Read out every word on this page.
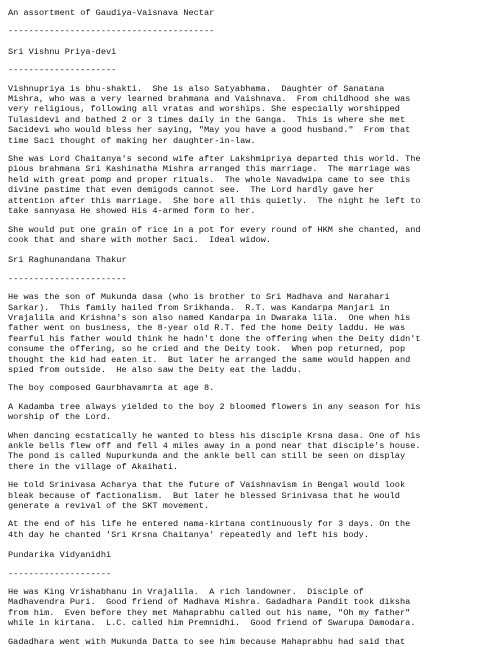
An assortment of Gaudiya-Vaisnava Nectar
----------------------------------------
Sri Vishnu Priya-devi
---------------------
Vishnupriya is bhu-shakti.  She is also Satyabhama.  Daughter of Sanatana
Mishra, who was a very learned brahmana and Vaishnava.  From childhood she was
very religious, following all vratas and worships. She especially worshipped
Tulasidevi and bathed 2 or 3 times daily in the Ganga.  This is where she met
Sacidevi who would bless her saying, "May you have a good husband."  From that
time Saci thought of making her daughter-in-law.
She was Lord Chaitanya's second wife after Lakshmipriya departed this world. The
pious brahmana Sri Kashinatha Mishra arranged this marriage.  The marriage was
held with great pomp and proper rituals.  The whole Navadwipa came to see this
divine pastime that even demigods cannot see.  The Lord hardly gave her
attention after this marriage.  She bore all this quietly.  The night he left to
take sannyasa He showed His 4-armed form to her.
She would put one grain of rice in a pot for every round of HKM she chanted, and
cook that and share with mother Saci.  Ideal widow.
Sri Raghunandana Thakur
-----------------------
He was the son of Mukunda dasa (who is brother to Sri Madhava and Narahari
Sarkar).  This family hailed from Srikhanda.  R.T. was Kandarpa Manjari in
Vrajalila and Krishna's son also named Kandarpa in Dwaraka lila.  One when his
father went on business, the 8-year old R.T. fed the home Deity laddu. He was
fearful his father would think he hadn't done the offering when the Deity didn't
consume the offering, so he cried and the Deity took.  When pop returned, pop
thought the kid had eaten it.  But later he arranged the same would happen and
spied from outside.  He also saw the Deity eat the laddu.
The boy composed Gaurbhavamrta at age 8.
A Kadamba tree always yielded to the boy 2 bloomed flowers in any season for his
worship of the Lord.
When dancing ecstatically he wanted to bless his disciple Krsna dasa. One of his
ankle bells flew off and fell 4 miles away in a pond near that disciple's house.
The pond is called Nupurkunda and the ankle bell can still be seen on display
there in the village of Akaihati.
He told Srinivasa Acharya that the future of Vaishnavism in Bengal would look
bleak because of factionalism.  But later he blessed Srinivasa that he would
generate a revival of the SKT movement.
At the end of his life he entered nama-kirtana continuously for 3 days. On the
4th day he chanted 'Sri Krsna Chaitanya' repeatedly and left his body.
Pundarika Vidyanidhi
--------------------
He was King Vrishabhanu in Vrajalila.  A rich landowner.  Disciple of
Madhavendra Puri.  Good friend of Madhava Mishra. Gadadhara Pandit took diksha
from him.  Even before they met Mahaprabhu called out his name, "Oh my father"
while in kirtana.  L.C. called him Premnidhi.  Good friend of Swarupa Damodara.
Gadadhara went with Mukunda Datta to see him because Mahaprabhu had said that
